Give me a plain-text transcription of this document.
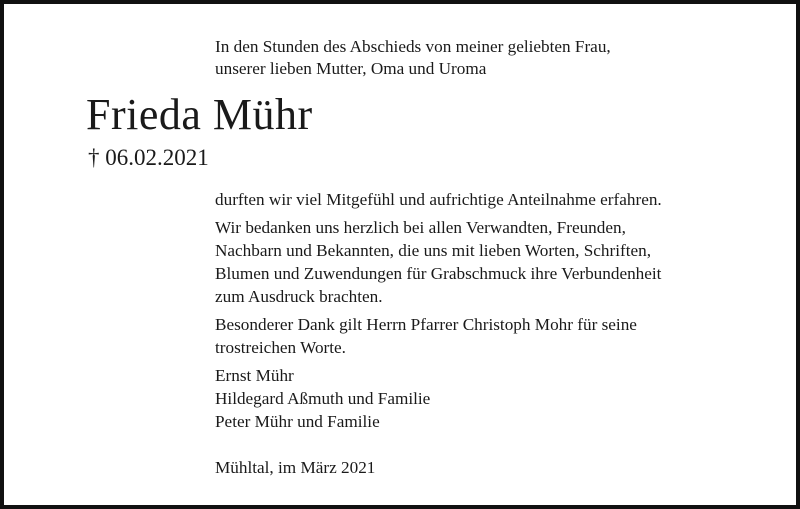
In den Stunden des Abschieds von meiner geliebten Frau,
unserer lieben Mutter, Oma und Uroma
Frieda Mühr
† 06.02.2021
durften wir viel Mitgefühl und aufrichtige Anteilnahme erfahren.
Wir bedanken uns herzlich bei allen Verwandten, Freunden,
Nachbarn und Bekannten, die uns mit lieben Worten, Schriften,
Blumen und Zuwendungen für Grabschmuck ihre Verbundenheit
zum Ausdruck brachten.
Besonderer Dank gilt Herrn Pfarrer Christoph Mohr für seine
trostreichen Worte.
Ernst Mühr
Hildegard Aßmuth und Familie
Peter Mühr und Familie
Mühltal, im März 2021
